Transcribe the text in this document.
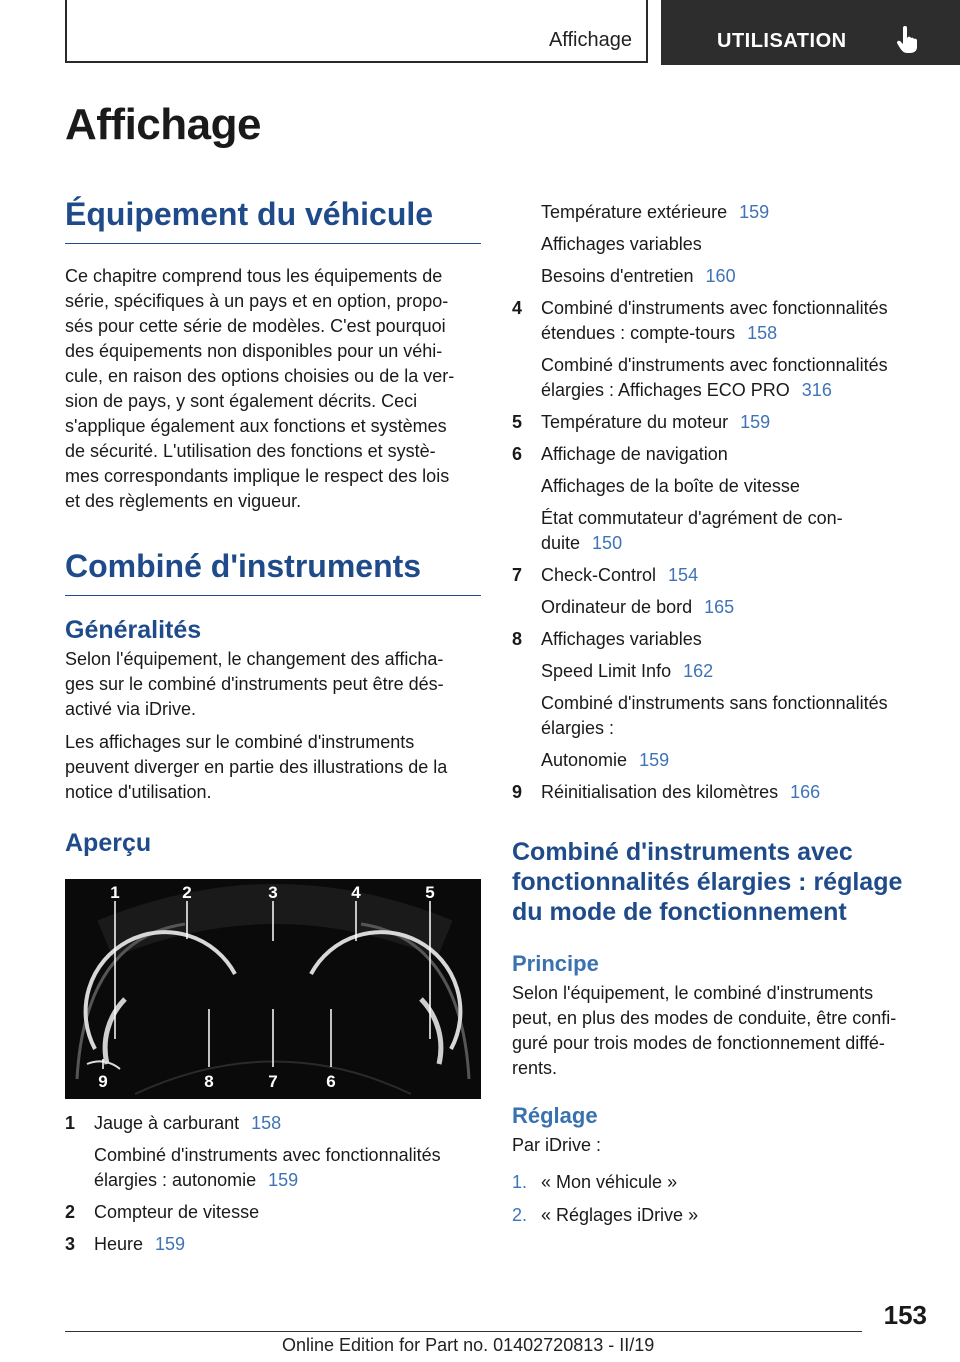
Affichage	UTILISATION
Affichage
Équipement du véhicule

Ce chapitre comprend tous les équipements de

série, spécifiques à un pays et en option, propo-

sés pour cette série de modèles. C'est pourquoi

des équipements non disponibles pour un véhi-

cule, en raison des options choisies ou de la ver-

sion de pays, y sont également décrits. Ceci

s'applique également aux fonctions et systèmes

de sécurité. L'utilisation des fonctions et systè-

mes correspondants implique le respect des lois

et des règlements en vigueur.

Combiné d'instruments
Généralités

Selon l'équipement, le changement des afficha-

ges sur le combiné d'instruments peut être dés-

activé via iDrive.

Les affichages sur le combiné d'instruments

peuvent diverger en partie des illustrations de la

notice d'utilisation.

Aperçu
1	2	3	4	5
9	8	7	6
1 Jauge à carburant 158
Combiné d'instruments avec fonctionnalités
élargies : autonomie 159
2 Compteur de vitesse
3 Heure 159
Température extérieure 159
Affichages variables
Besoins d'entretien 160
4 Combiné d'instruments avec fonctionnalités
étendues : compte-tours 158
Combiné d'instruments avec fonctionnalités
élargies : Affichages ECO PRO 316
5 Température du moteur 159
6 Affichage de navigation
Affichages de la boîte de vitesse
État commutateur d'agrément de con-
duite 150
7 Check-Control 154
Ordinateur de bord 165
8 Affichages variables
Speed Limit Info 162
Combiné d'instruments sans fonctionnalités
élargies :
Autonomie 159
9 Réinitialisation des kilomètres 166
Combiné d'instruments avec
fonctionnalités élargies : réglage
du mode de fonctionnement
Principe

Selon l'équipement, le combiné d'instruments

peut, en plus des modes de conduite, être confi-

guré pour trois modes de fonctionnement diffé-

rents.

Réglage

Par iDrive :

1. « Mon véhicule »
2. « Réglages iDrive »
153
Online Edition for Part no. 01402720813 - II/19
